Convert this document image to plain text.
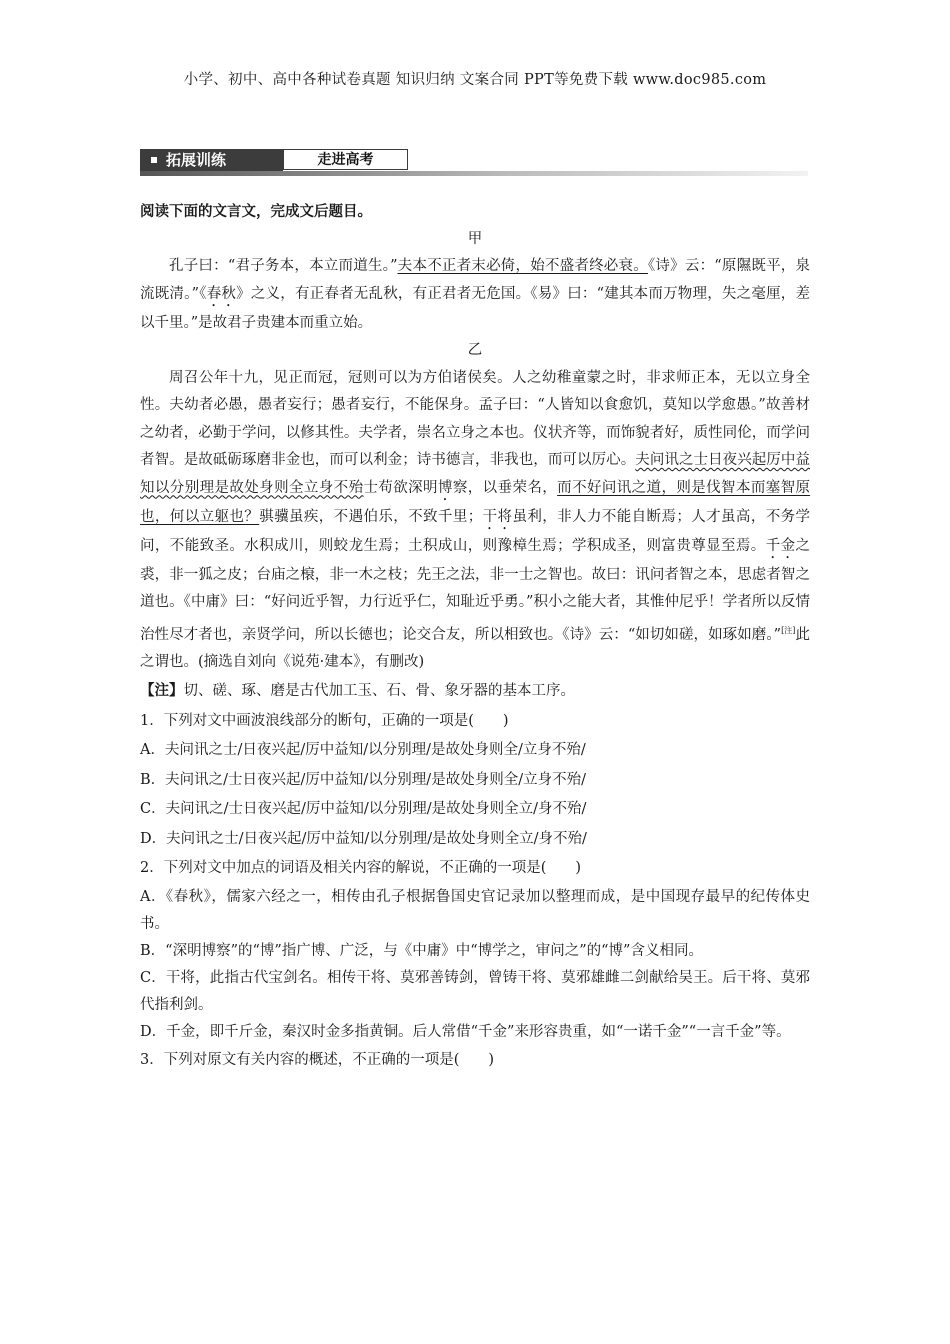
小学、初中、高中各种试卷真题 知识归纳 文案合同 PPT等免费下载 www.doc985.com
拓展训练	走进高考

阅读下面的文言文，完成文后题目。

甲

孔子曰：“君子务本，本立而道生。”夫本不正者末必倚，始不盛者终必衰。《诗》云：“原隰既平，泉流既清。”《春秋》之义，有正春者无乱秋，有正君者无危国。《易》曰：“建其本而万物理，失之毫厘，差以千里。”是故君子贵建本而重立始。

乙

周召公年十九，见正而冠，冠则可以为方伯诸侯矣。人之幼稚童蒙之时，非求师正本，无以立身全性。夫幼者必愚，愚者妄行；愚者妄行，不能保身。孟子曰：“人皆知以食愈饥，莫知以学愈愚。”故善材之幼者，必勤于学问，以修其性。夫学者，崇名立身之本也。仪状齐等，而饰貌者好，质性同伦，而学问者智。是故砥砺琢磨非金也，而可以利金；诗书德言，非我也，而可以厉心。夫问讯之士日夜兴起厉中益知以分别理是故处身则全立身不殆士苟欲深明博察，以垂荣名，而不好问讯之道，则是伐智本而塞智原也，何以立躯也？骐骥虽疾，不遇伯乐，不致千里；干将虽利，非人力不能自断焉；人才虽高，不务学问，不能致圣。水积成川，则蛟龙生焉；土积成山，则豫樟生焉；学积成圣，则富贵尊显至焉。千金之裘，非一狐之皮；台庙之榱，非一木之枝；先王之法，非一士之智也。故曰：讯问者智之本，思虑者智之道也。《中庸》曰：“好问近乎智，力行近乎仁，知耻近乎勇。”积小之能大者，其惟仲尼乎！学者所以反情治性尽才者也，亲贤学问，所以长德也；论交合友，所以相致也。《诗》云：“如切如磋，如琢如磨。”[注]此之谓也。(摘选自刘向《说苑·建本》，有删改)

【注】切、磋、琢、磨是古代加工玉、石、骨、象牙器的基本工序。

1．下列对文中画波浪线部分的断句，正确的一项是(　　)

A．夫问讯之士/日夜兴起/厉中益知/以分别理/是故处身则全/立身不殆/

B．夫问讯之/士日夜兴起/厉中益知/以分别理/是故处身则全/立身不殆/

C．夫问讯之/士日夜兴起/厉中益知/以分别理/是故处身则全立/身不殆/

D．夫问讯之士/日夜兴起/厉中益知/以分别理/是故处身则全立/身不殆/

2．下列对文中加点的词语及相关内容的解说，不正确的一项是(　　)

A．《春秋》，儒家六经之一，相传由孔子根据鲁国史官记录加以整理而成，是中国现存最早的纪传体史书。

B．“深明博察”的“博”指广博、广泛，与《中庸》中“博学之，审问之”的“博”含义相同。

C．干将，此指古代宝剑名。相传干将、莫邪善铸剑，曾铸干将、莫邪雄雌二剑献给吴王。后干将、莫邪代指利剑。

D．千金，即千斤金，秦汉时金多指黄铜。后人常借“千金”来形容贵重，如“一诺千金”“一言千金”等。

3．下列对原文有关内容的概述，不正确的一项是(　　)
